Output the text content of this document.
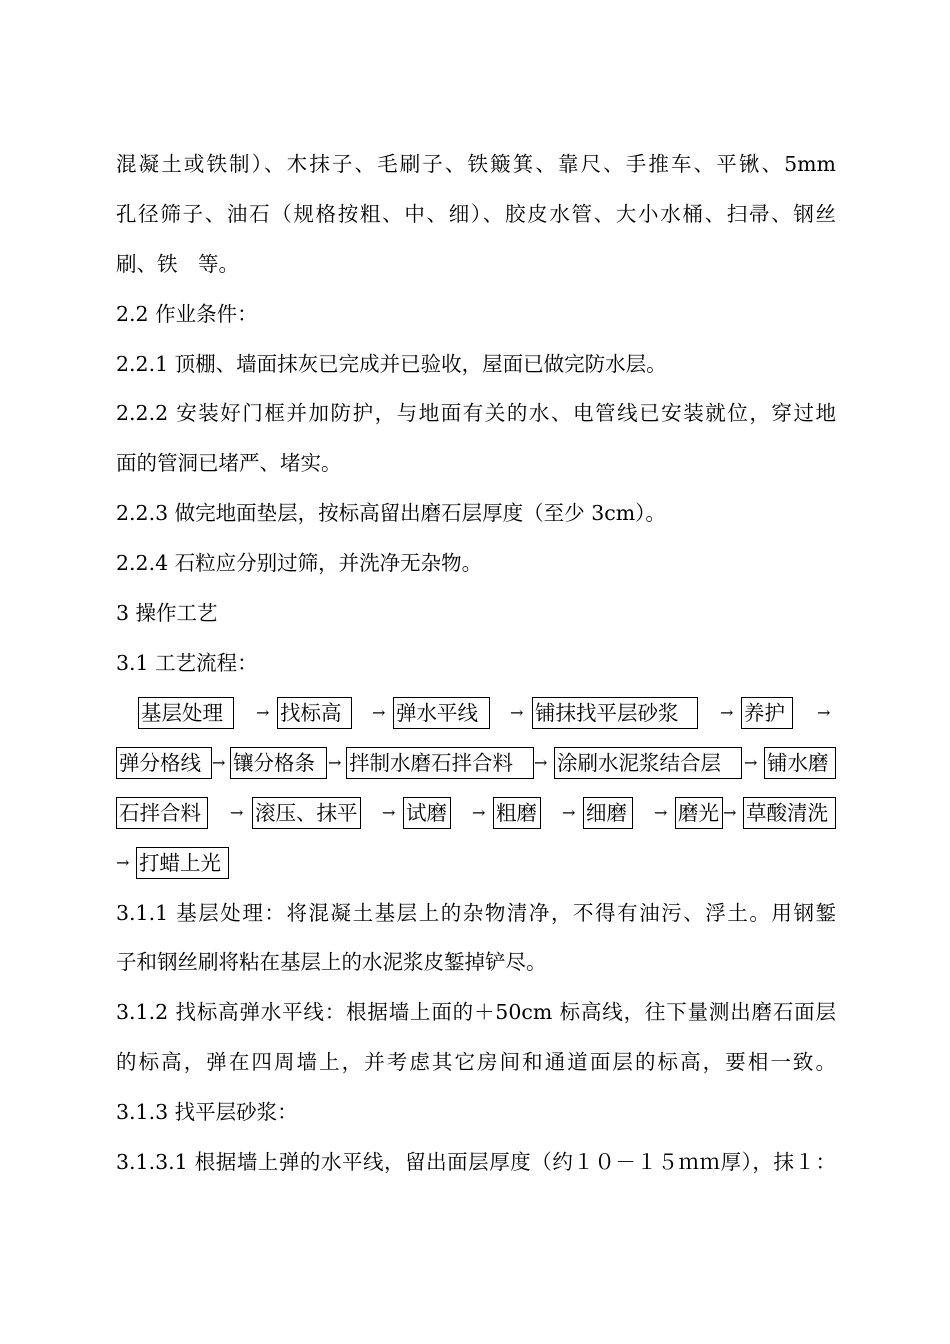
混凝土或铁制）、木抹子、毛刷子、铁簸箕、靠尺、手推车、平锹、5mm
孔径筛子、油石（规格按粗、中、细）、胶皮水管、大小水桶、扫帚、钢丝
刷、铁　等。
2.2 作业条件：
2.2.1 顶棚、墙面抹灰已完成并已验收，屋面已做完防水层。
2.2.2 安装好门框并加防护，与地面有关的水、电管线已安装就位，穿过地
面的管洞已堵严、堵实。
2.2.3 做完地面垫层，按标高留出磨石层厚度（至少 3cm）。
2.2.4 石粒应分别过筛，并洗净无杂物。
3 操作工艺
3.1 工艺流程：
基层处理	→ 找标高	→ 弹水平线	→ 铺抹找平层砂浆	→ 养护	→
弹分格线 → 镶分格条 → 拌制水磨石拌合料	→ 涂刷水泥浆结合层	→ 铺水磨
石拌合料	→ 滚压、抹平 → 试磨 → 粗磨 → 细磨	→ 磨光 → 草酸清洗
→ 打蜡上光
3.1.1 基层处理：将混凝土基层上的杂物清净，不得有油污、浮土。用钢錾
子和钢丝刷将粘在基层上的水泥浆皮錾掉铲尽。
3.1.2 找标高弹水平线：根据墙上面的＋50cm 标高线，往下量测出磨石面层
的标高，弹在四周墙上，并考虑其它房间和通道面层的标高，要相一致。
3.1.3 找平层砂浆：
3.1.3.1 根据墙上弹的水平线，留出面层厚度（约１０－１５ｍｍ厚），抹１：
